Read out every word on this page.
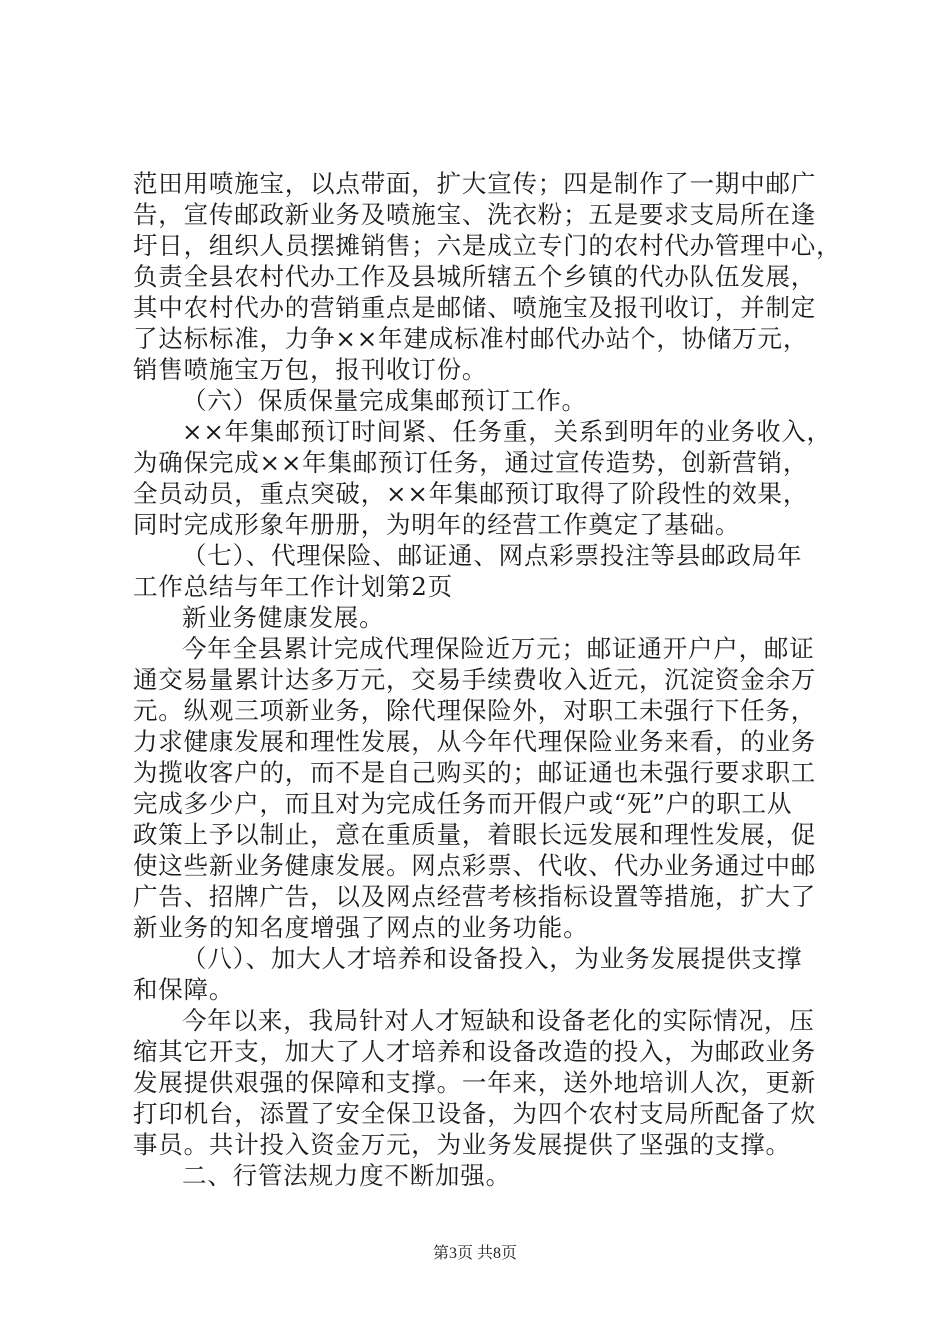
范田用喷施宝，以点带面，扩大宣传；四是制作了一期中邮广
告，宣传邮政新业务及喷施宝、洗衣粉；五是要求支局所在逢
圩日，组织人员摆摊销售；六是成立专门的农村代办管理中心，
负责全县农村代办工作及县城所辖五个乡镇的代办队伍发展，
其中农村代办的营销重点是邮储、喷施宝及报刊收订，并制定
了达标标准，力争××年建成标准村邮代办站个，协储万元，
销售喷施宝万包，报刊收订份。
（六）保质保量完成集邮预订工作。
××年集邮预订时间紧、任务重，关系到明年的业务收入，
为确保完成××年集邮预订任务，通过宣传造势，创新营销，
全员动员，重点突破，××年集邮预订取得了阶段性的效果，
同时完成形象年册册，为明年的经营工作奠定了基础。
（七）、代理保险、邮证通、网点彩票投注等县邮政局年
工作总结与年工作计划第2页
新业务健康发展。
今年全县累计完成代理保险近万元；邮证通开户户，邮证
通交易量累计达多万元，交易手续费收入近元，沉淀资金余万
元。纵观三项新业务，除代理保险外，对职工未强行下任务，
力求健康发展和理性发展，从今年代理保险业务来看，的业务
为揽收客户的，而不是自己购买的；邮证通也未强行要求职工
完成多少户，而且对为完成任务而开假户或“死”户的职工从
政策上予以制止，意在重质量，着眼长远发展和理性发展，促
使这些新业务健康发展。网点彩票、代收、代办业务通过中邮
广告、招牌广告，以及网点经营考核指标设置等措施，扩大了
新业务的知名度增强了网点的业务功能。
（八）、加大人才培养和设备投入，为业务发展提供支撑
和保障。
今年以来，我局针对人才短缺和设备老化的实际情况，压
缩其它开支，加大了人才培养和设备改造的投入，为邮政业务
发展提供艰强的保障和支撑。一年来，送外地培训人次，更新
打印机台，添置了安全保卫设备，为四个农村支局所配备了炊
事员。共计投入资金万元，为业务发展提供了坚强的支撑。
二、行管法规力度不断加强。
第3页 共8页
